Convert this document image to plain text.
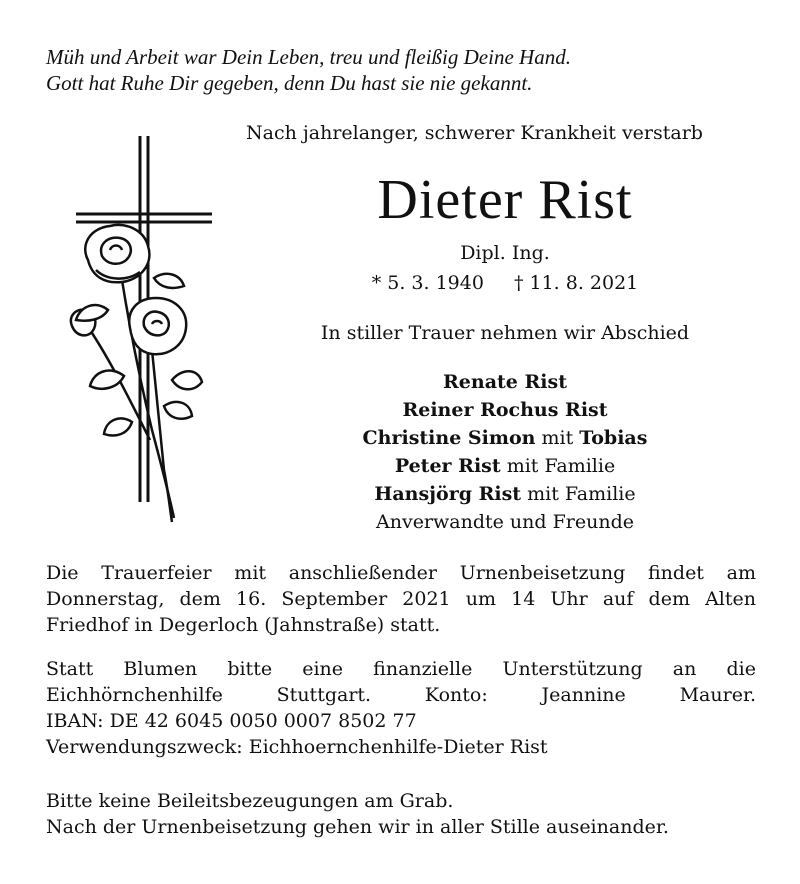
Müh und Arbeit war Dein Leben, treu und fleißig Deine Hand.
Gott hat Ruhe Dir gegeben, denn Du hast sie nie gekannt.
Nach jahrelanger, schwerer Krankheit verstarb
Dieter Rist
Dipl. Ing.
* 5. 3. 1940 † 11. 8. 2021
In stiller Trauer nehmen wir Abschied
Renate Rist
Reiner Rochus Rist
Christine Simon mit Tobias
Peter Rist mit Familie
Hansjörg Rist mit Familie
Anverwandte und Freunde
Die Trauerfeier mit anschließender Urnenbeisetzung findet am
Donnerstag, dem 16. September 2021 um 14 Uhr auf dem Alten
Friedhof in Degerloch (Jahnstraße) statt.
Statt Blumen bitte eine finanzielle Unterstützung an die
Eichhörnchenhilfe Stuttgart. Konto: Jeannine Maurer.
IBAN: DE 42 6045 0050 0007 8502 77
Verwendungszweck: Eichhoernchenhilfe-Dieter Rist
Bitte keine Beileitsbezeugungen am Grab.
Nach der Urnenbeisetzung gehen wir in aller Stille auseinander.
